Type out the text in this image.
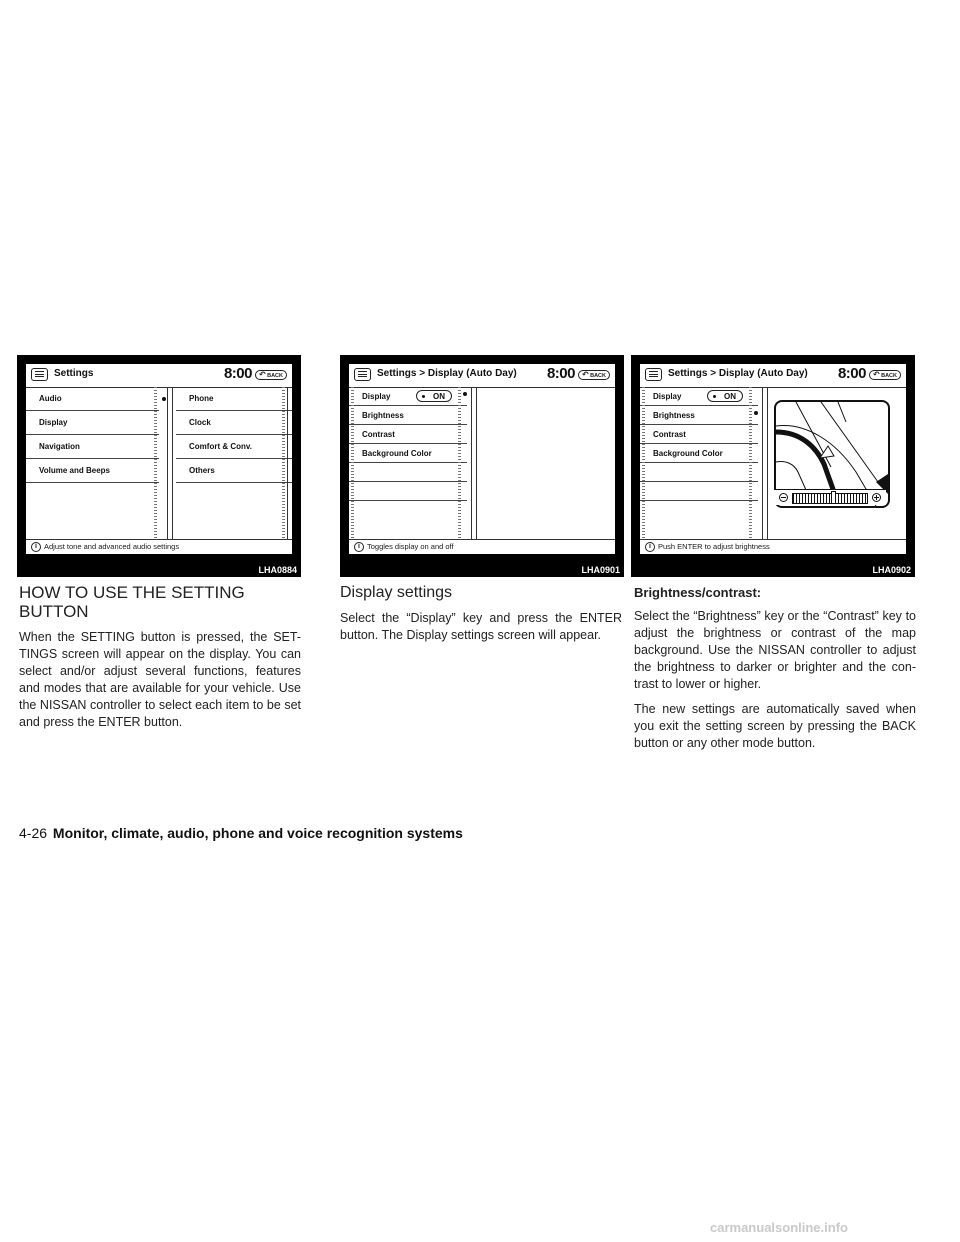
Settings	8:00	↶ BACK
Audio
Display
Navigation
Volume and Beeps
Phone
Clock
Comfort & Conv.
Others
i Adjust tone and advanced audio settings
LHA0884
Settings > Display (Auto Day) 8:00	↶ BACK
Display	ON
Brightness
Contrast
Background Color
i Toggles display on and off
LHA0901
Settings > Display (Auto Day) 8:00	↶ BACK
Display	ON
Brightness
Contrast
Background Color
i Push ENTER to adjust brightness
LHA0902
HOW TO USE THE SETTING BUTTON

When the SETTING button is pressed, the SET-TINGS screen will appear on the display. You can select and/or adjust several functions, features and modes that are available for your vehicle. Use the NISSAN controller to select each item to be set and press the ENTER button.

Display settings

Select the “Display” key and press the ENTER button. The Display settings screen will appear.

Brightness/contrast:

Select the “Brightness” key or the “Contrast” key to adjust the brightness or contrast of the map background. Use the NISSAN controller to adjust the brightness to darker or brighter and the con-trast to lower or higher.

The new settings are automatically saved when you exit the setting screen by pressing the BACK button or any other mode button.

4-26 Monitor, climate, audio, phone and voice recognition systems
carmanualsonline.info
